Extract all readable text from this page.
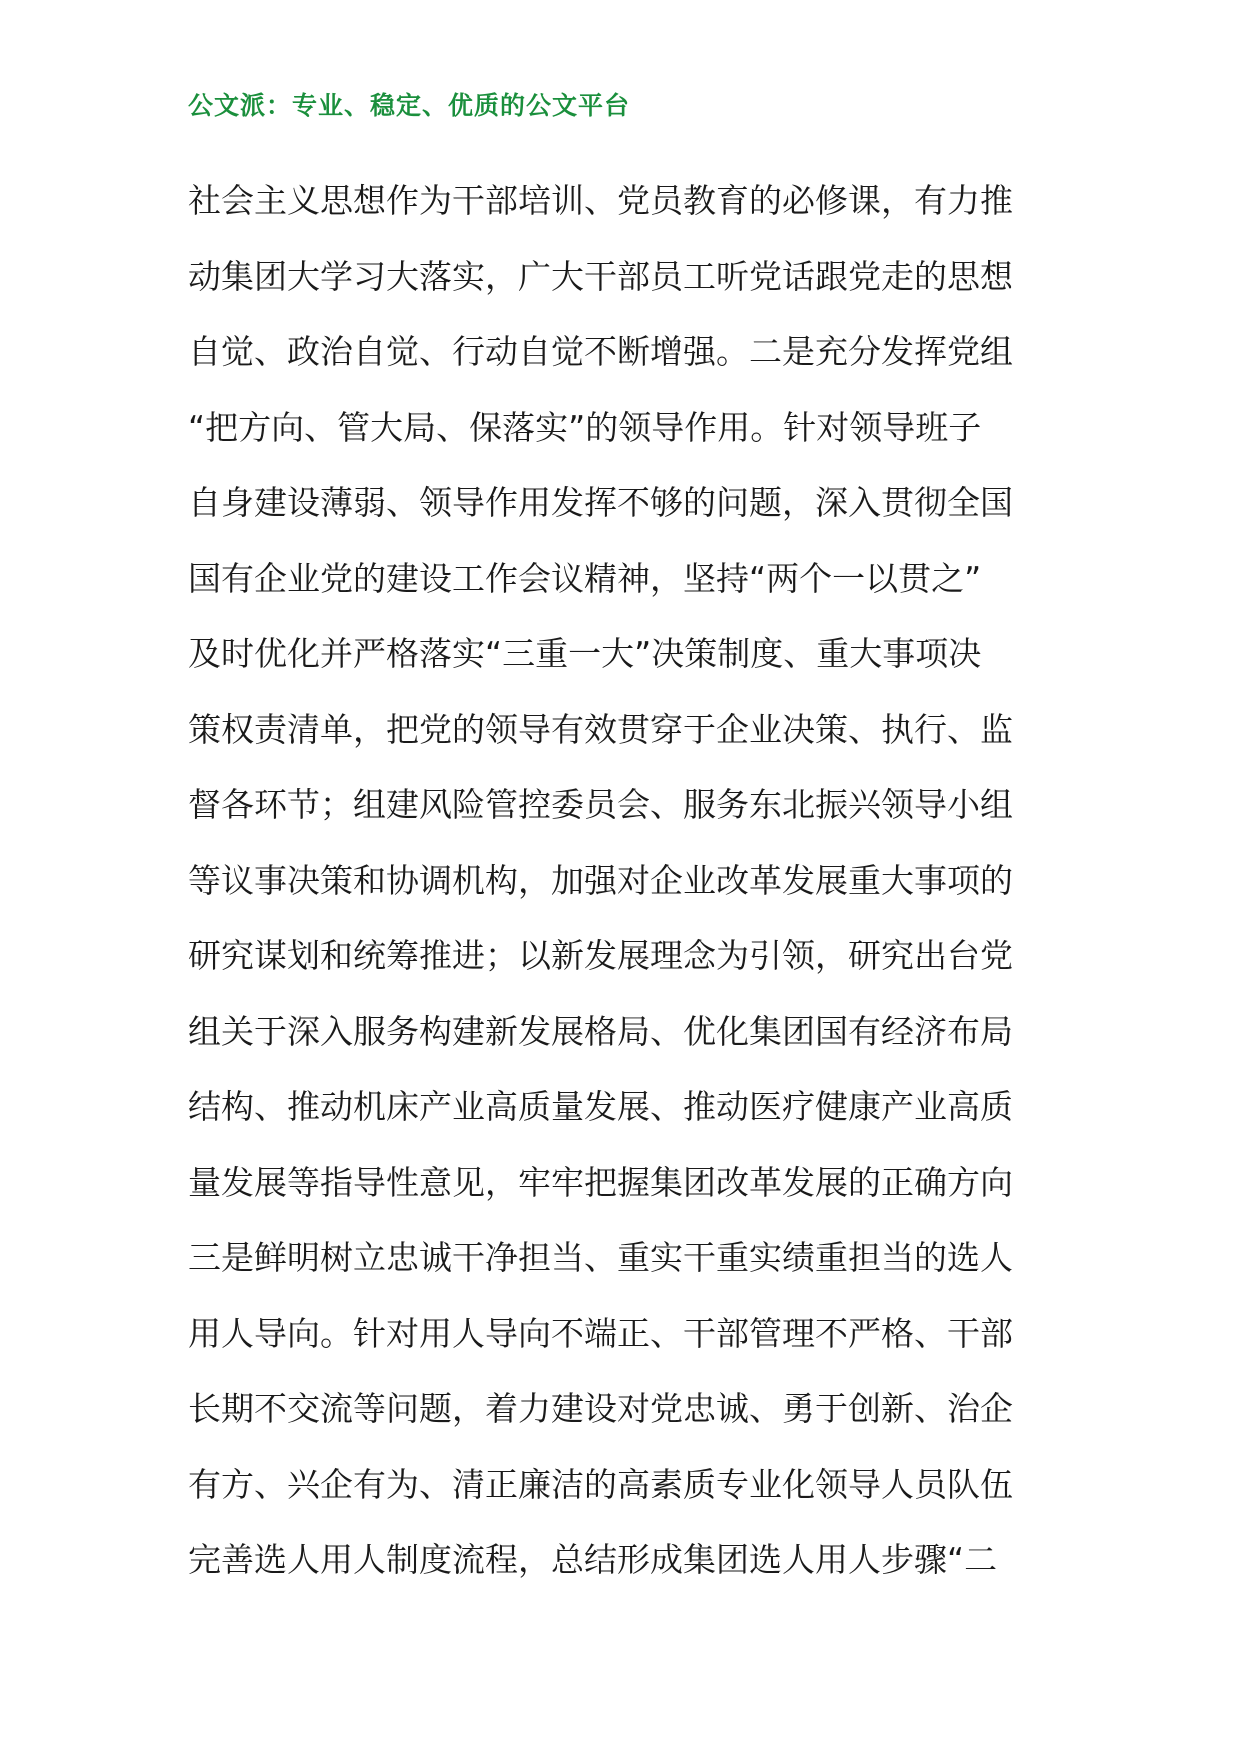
公文派：专业、稳定、优质的公文平台
社会主义思想作为干部培训、党员教育的必修课，有力推
动集团大学习大落实，广大干部员工听党话跟党走的思想
自觉、政治自觉、行动自觉不断增强。二是充分发挥党组
“把方向、管大局、保落实”的领导作用。针对领导班子
自身建设薄弱、领导作用发挥不够的问题，深入贯彻全国
国有企业党的建设工作会议精神，坚持“两个一以贯之”
及时优化并严格落实“三重一大”决策制度、重大事项决
策权责清单，把党的领导有效贯穿于企业决策、执行、监
督各环节；组建风险管控委员会、服务东北振兴领导小组
等议事决策和协调机构，加强对企业改革发展重大事项的
研究谋划和统筹推进；以新发展理念为引领，研究出台党
组关于深入服务构建新发展格局、优化集团国有经济布局
结构、推动机床产业高质量发展、推动医疗健康产业高质
量发展等指导性意见，牢牢把握集团改革发展的正确方向
三是鲜明树立忠诚干净担当、重实干重实绩重担当的选人
用人导向。针对用人导向不端正、干部管理不严格、干部
长期不交流等问题，着力建设对党忠诚、勇于创新、治企
有方、兴企有为、清正廉洁的高素质专业化领导人员队伍
完善选人用人制度流程，总结形成集团选人用人步骤“二
